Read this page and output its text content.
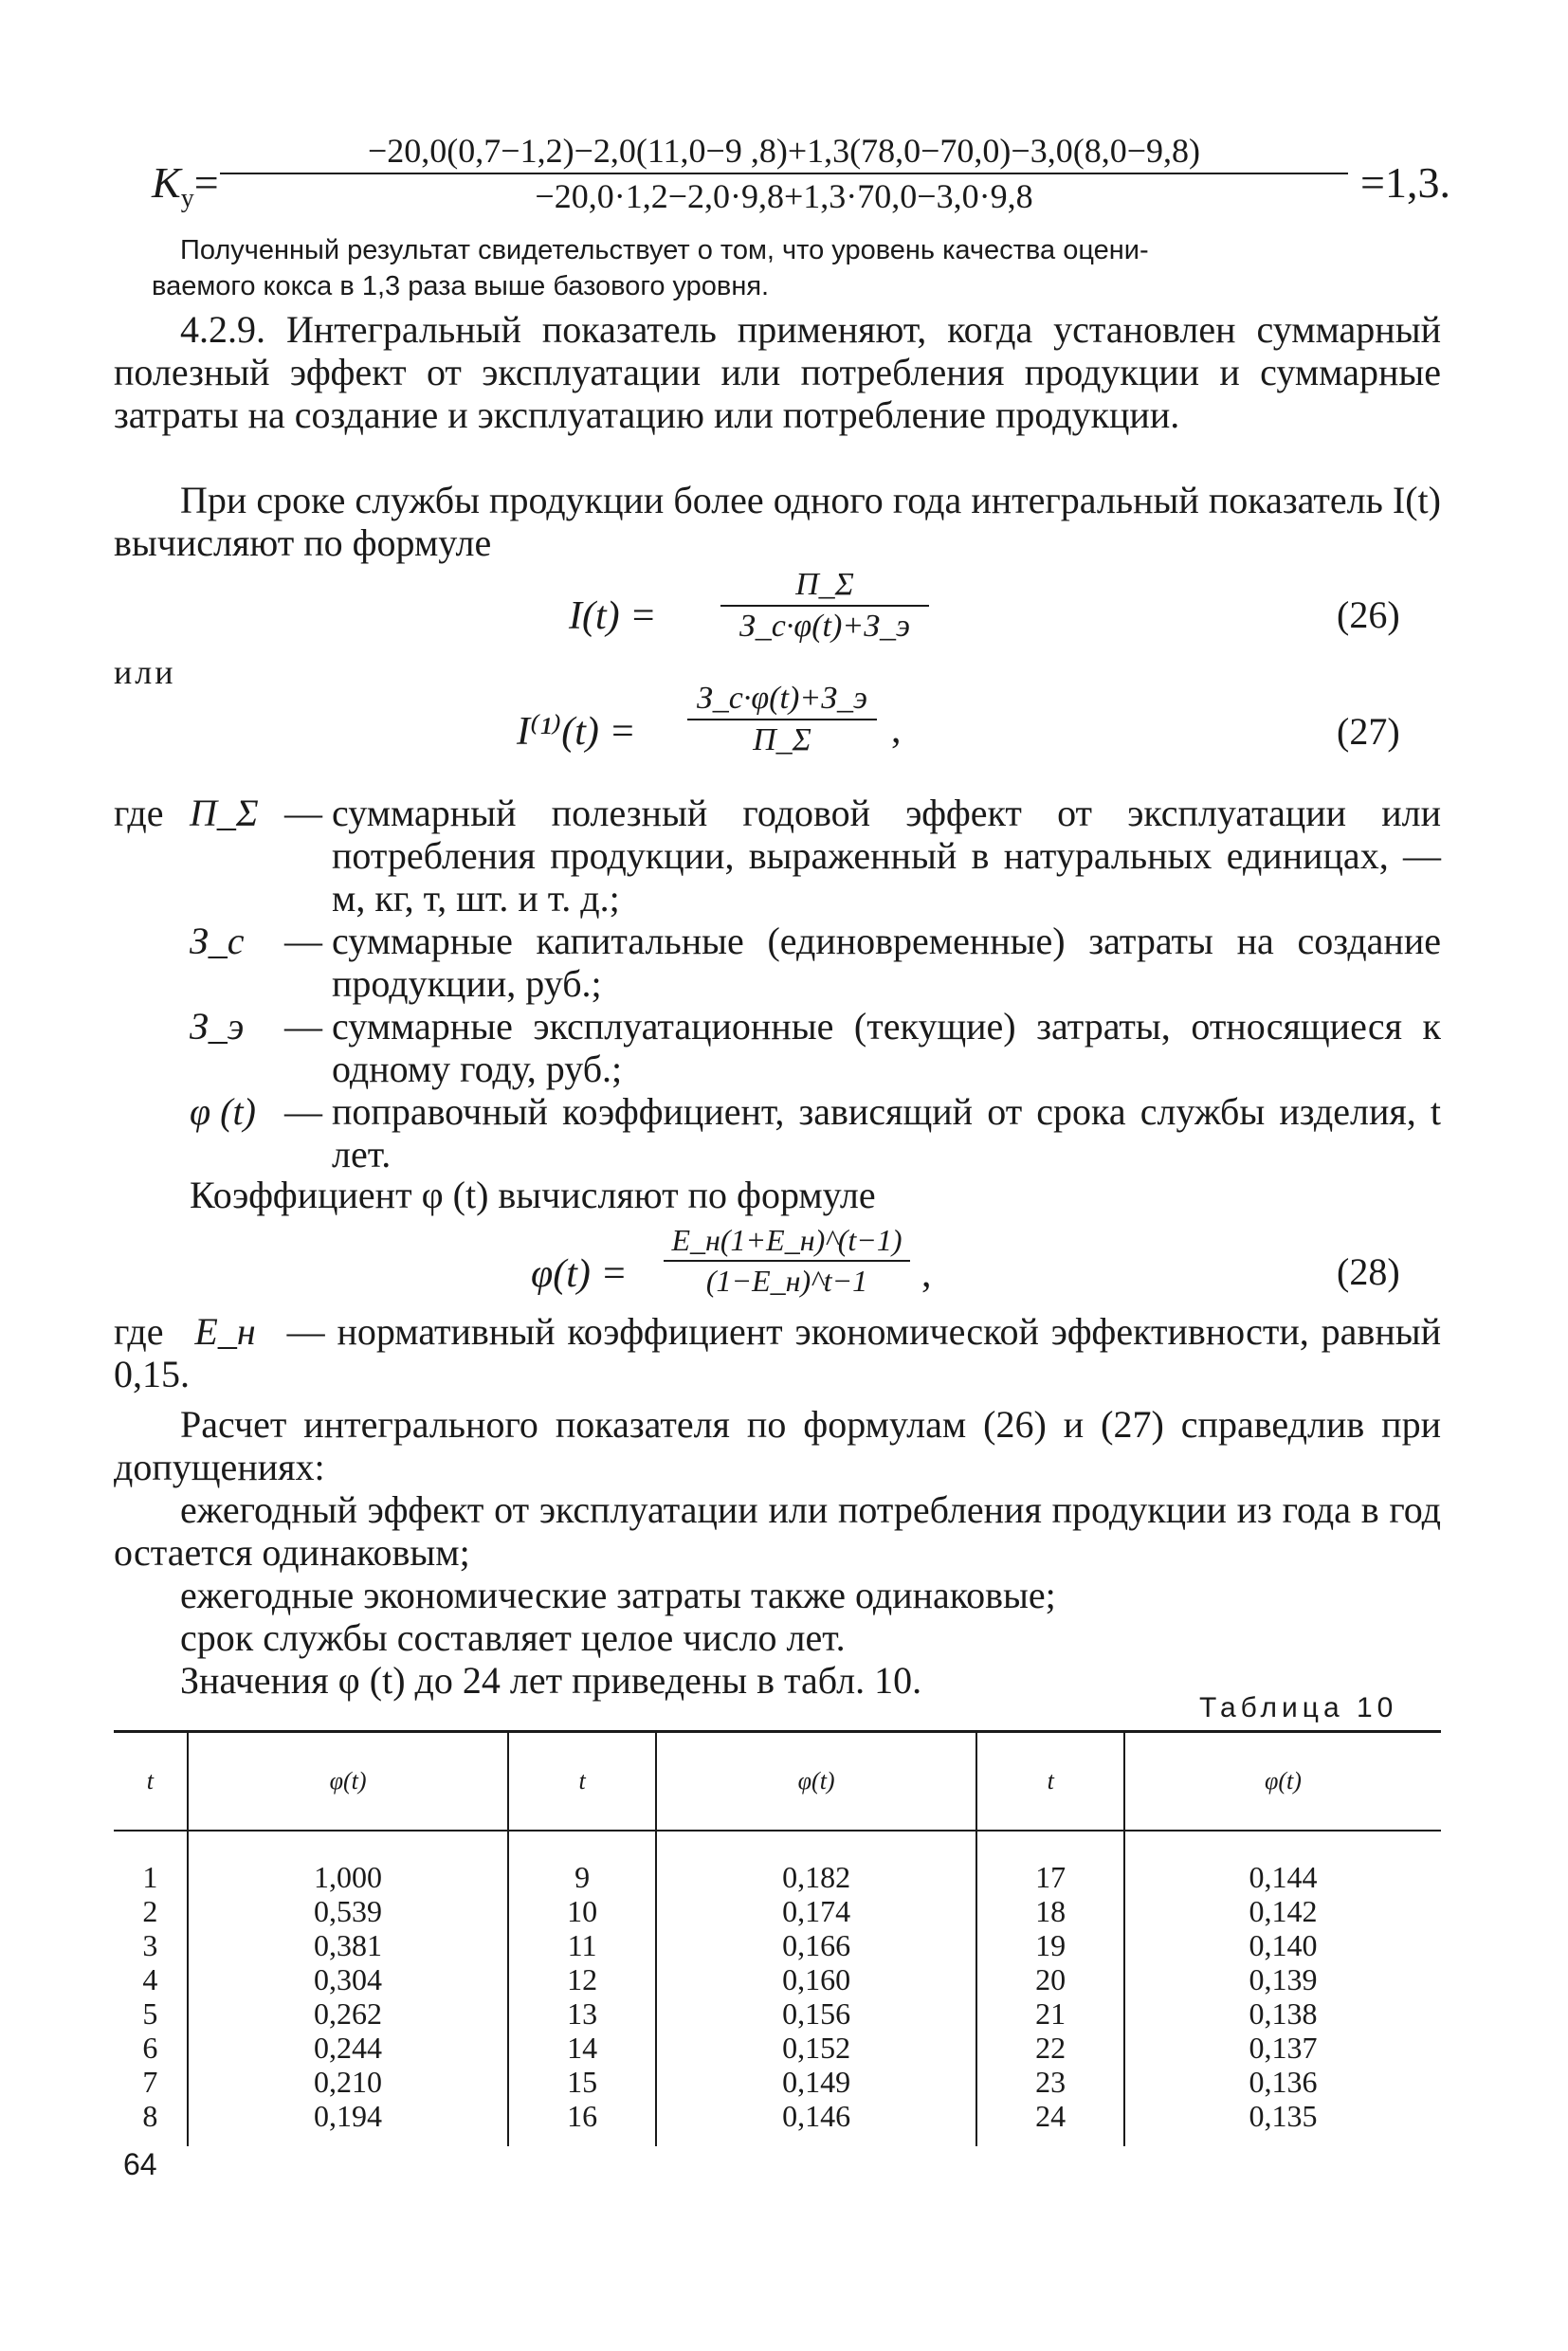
$K_у=$
−20,0(0,7−1,2)−2,0(11,0−9 ,8)+1,3(78,0−70,0)−3,0(8,0−9,8)
−20,0·1,2−2,0·9,8+1,3·70,0−3,0·9,8	=1,3.
Полученный результат свидетельствует о том, что уровень качества оцени-
ваемого кокса в 1,3 раза выше базового уровня.
4.2.9. Интегральный показатель применяют, когда установлен суммарный полезный эффект от эксплуатации или потребления продукции и суммарные затраты на создание и эксплуатацию или потребление продукции.
При сроке службы продукции более одного года интегральный показатель I(t) вычисляют по формуле
I(t) =
П_Σ
З_с·φ(t)+З_э	(26)
или
I⁽¹⁾(t) =
З_с·φ(t)+З_э
П_Σ	,	(27)
где П_Σ — суммарный полезный годовой эффект от эксплуатации или потребления продукции, выраженный в натуральных единицах, — м, кг, т, шт. и т. д.;
З_с	— суммарные капитальные (единовременные) затраты на создание продукции, руб.;
З_э	— суммарные эксплуатационные (текущие) затраты, относящиеся к одному году, руб.;
φ (t) — поправочный коэффициент, зависящий от срока службы изделия, t лет.
Коэффициент φ (t) вычисляют по формуле
φ(t) =
E_н(1+E_н)^(t−1)
(1−E_н)^t−1	,	(28)
где E_н — нормативный коэффициент экономической эффективности, равный 0,15.
Расчет интегрального показателя по формулам (26) и (27) справедлив при допущениях:
ежегодный эффект от эксплуатации или потребления продукции из года в год остается одинаковым;
ежегодные экономические затраты также одинаковые;
срок службы составляет целое число лет.
Значения φ (t) до 24 лет приведены в табл. 10.
Таблица 10
t	φ(t)	t	φ(t)	t	φ(t)
1	1,000	9	0,182	17	0,144
2	0,539	10	0,174	18	0,142
3	0,381	11	0,166	19	0,140
4	0,304	12	0,160	20	0,139
5	0,262	13	0,156	21	0,138
6	0,244	14	0,152	22	0,137
7	0,210	15	0,149	23	0,136
8	0,194	16	0,146	24	0,135
64
